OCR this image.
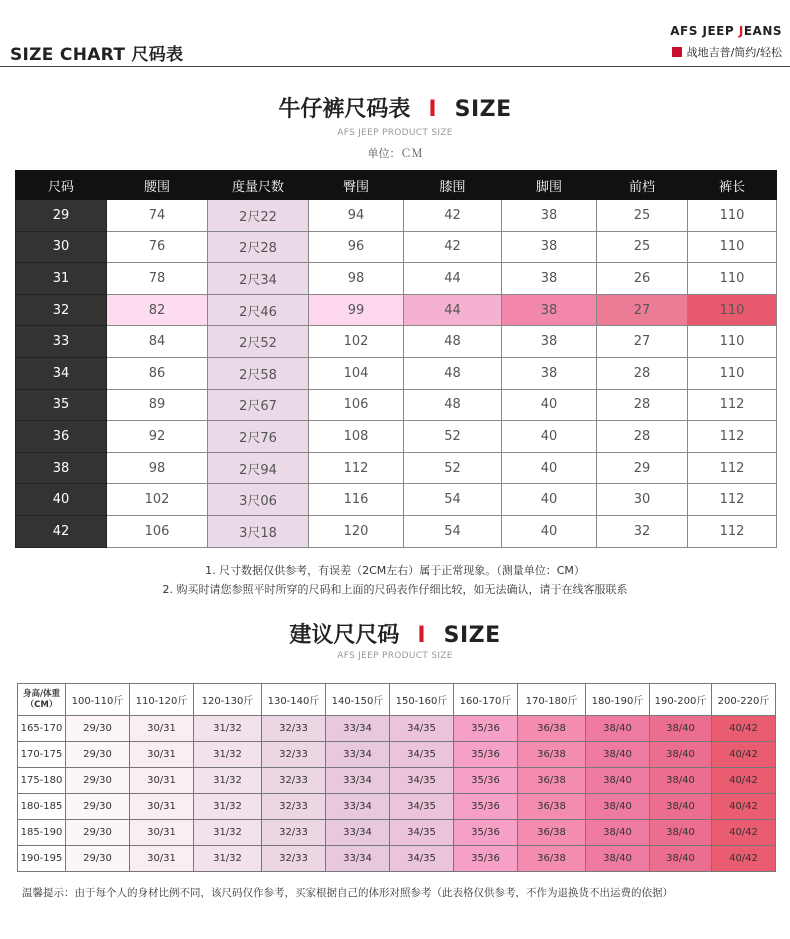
SIZE CHART 尺码表
AFS JEEP JEANS
战地吉普/简约/轻松
牛仔裤尺码表 I SIZE
AFS JEEP PRODUCT SIZE
单位：ＣＭ
尺码	腰围	度量尺数	臀围	膝围	脚围	前档	裤长
29	74	2尺22	94	42	38	25	110
30	76	2尺28	96	42	38	25	110
31	78	2尺34	98	44	38	26	110
32	82	2尺46	99	44	38	27	110
33	84	2尺52	102	48	38	27	110
34	86	2尺58	104	48	38	28	110
35	89	2尺67	106	48	40	28	112
36	92	2尺76	108	52	40	28	112
38	98	2尺94	112	52	40	29	112
40	102	3尺06	116	54	40	30	112
42	106	3尺18	120	54	40	32	112
1. 尺寸数据仅供参考，有误差（2CM左右）属于正常现象。（测量单位：CM）
2. 购买时请您参照平时所穿的尺码和上面的尺码表作仔细比较，如无法确认，请于在线客服联系
建议尺尺码 I SIZE
AFS JEEP PRODUCT SIZE
身高/体重
（CM）	100-110斤	110-120斤	120-130斤	130-140斤	140-150斤	150-160斤	160-170斤	170-180斤	180-190斤	190-200斤	200-220斤
165-170	29/30	30/31	31/32	32/33	33/34	34/35	35/36	36/38	38/40	38/40	40/42
170-175	29/30	30/31	31/32	32/33	33/34	34/35	35/36	36/38	38/40	38/40	40/42
175-180	29/30	30/31	31/32	32/33	33/34	34/35	35/36	36/38	38/40	38/40	40/42
180-185	29/30	30/31	31/32	32/33	33/34	34/35	35/36	36/38	38/40	38/40	40/42
185-190	29/30	30/31	31/32	32/33	33/34	34/35	35/36	36/38	38/40	38/40	40/42
190-195	29/30	30/31	31/32	32/33	33/34	34/35	35/36	36/38	38/40	38/40	40/42
温馨提示：由于每个人的身材比例不同，该尺码仅作参考，买家根据自己的体形对照参考（此表格仅供参考，不作为退换货不出运费的依据）
